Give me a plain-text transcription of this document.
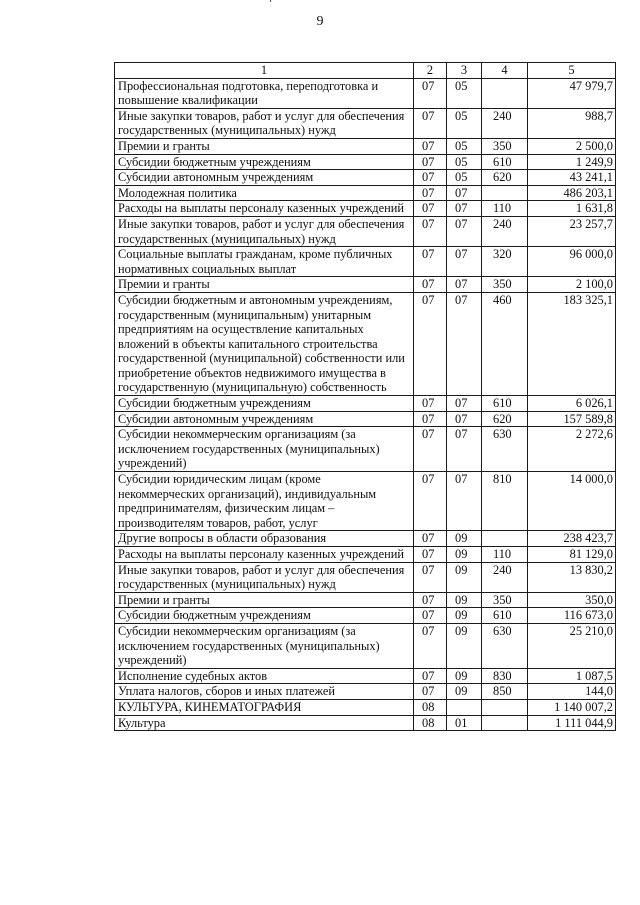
9
1	2	3	4	5
Профессиональная подготовка, переподготовка и повышение квалификации	07	05		47 979,7
Иные закупки товаров, работ и услуг для обеспечения государственных (муниципальных) нужд	07	05	240	988,7
Премии и гранты	07	05	350	2 500,0
Субсидии бюджетным учреждениям	07	05	610	1 249,9
Субсидии автономным учреждениям	07	05	620	43 241,1
Молодежная политика	07	07		486 203,1
Расходы на выплаты персоналу казенных учреждений	07	07	110	1 631,8
Иные закупки товаров, работ и услуг для обеспечения государственных (муниципальных) нужд	07	07	240	23 257,7
Социальные выплаты гражданам, кроме публичных нормативных социальных выплат	07	07	320	96 000,0
Премии и гранты	07	07	350	2 100,0
Субсидии бюджетным и автономным учреждениям, государственным (муниципальным) унитарным предприятиям на осуществление капитальных вложений в объекты капитального строительства государственной (муниципальной) собственности или приобретение объектов недвижимого имущества в государственную (муниципальную) собственность	07	07	460	183 325,1
Субсидии бюджетным учреждениям	07	07	610	6 026,1
Субсидии автономным учреждениям	07	07	620	157 589,8
Субсидии некоммерческим организациям (за исключением государственных (муниципальных) учреждений)	07	07	630	2 272,6
Субсидии юридическим лицам (кроме некоммерческих организаций), индивидуальным предпринимателям, физическим лицам – производителям товаров, работ, услуг	07	07	810	14 000,0
Другие вопросы в области образования	07	09		238 423,7
Расходы на выплаты персоналу казенных учреждений	07	09	110	81 129,0
Иные закупки товаров, работ и услуг для обеспечения государственных (муниципальных) нужд	07	09	240	13 830,2
Премии и гранты	07	09	350	350,0
Субсидии бюджетным учреждениям	07	09	610	116 673,0
Субсидии некоммерческим организациям (за исключением государственных (муниципальных) учреждений)	07	09	630	25 210,0
Исполнение судебных актов	07	09	830	1 087,5
Уплата налогов, сборов и иных платежей	07	09	850	144,0
КУЛЬТУРА, КИНЕМАТОГРАФИЯ	08			1 140 007,2
Культура	08	01		1 111 044,9
